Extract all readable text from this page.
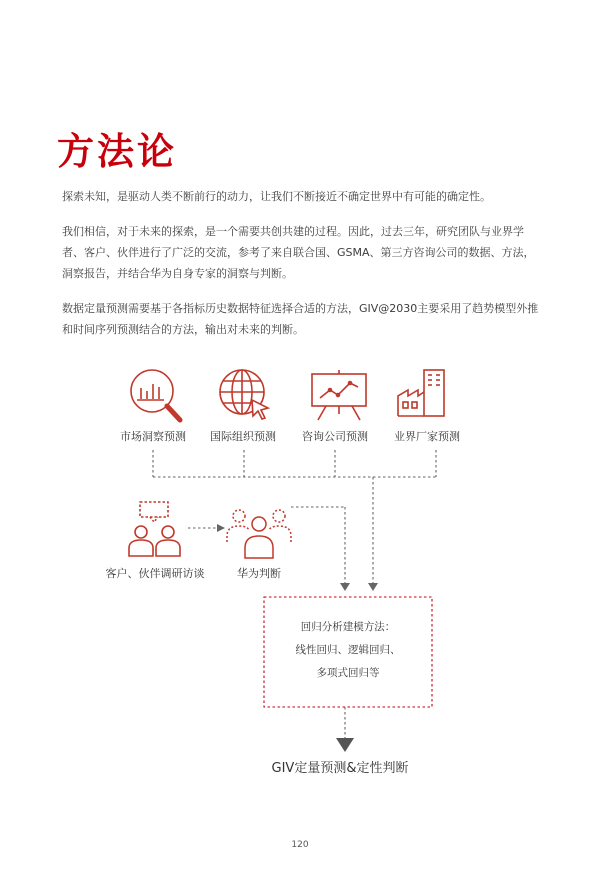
方法论

探索未知，是驱动人类不断前行的动力，让我们不断接近不确定世界中有可能的确定性。

我们相信，对于未来的探索，是一个需要共创共建的过程。因此，过去三年，研究团队与业界学者、客户、伙伴进行了广泛的交流，参考了来自联合国、GSMA、第三方咨询公司的数据、方法，洞察报告，并结合华为自身专家的洞察与判断。

数据定量预测需要基于各指标历史数据特征选择合适的方法，GIV@2030主要采用了趋势模型外推和时间序列预测结合的方法，输出对未来的判断。

市场洞察预测	国际组织预测	咨询公司预测	业界厂家预测
客户、伙伴调研访谈	华为判断
回归分析建模方法：
线性回归、逻辑回归、
多项式回归等
GIV定量预测&定性判断
120
